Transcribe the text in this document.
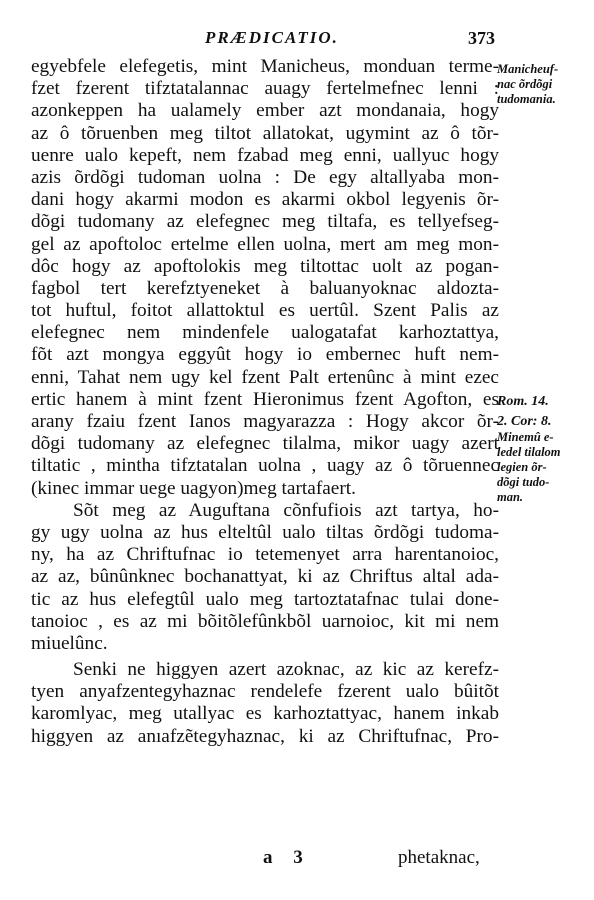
PRÆDICATIO.	373
egyebfele elefegetis, mint Manicheus, monduan terme-
fzet fzerent tifztatalannac auagy fertelmefnec lenni :
azonkeppen ha ualamely ember azt mondanaia, hogy
az ô tõruenben meg tiltot allatokat, ugymint az ô tõr-
uenre ualo kepeft, nem fzabad meg enni, uallyuc hogy
azis õrdõgi tudoman uolna : De egy altallyaba mon-
dani hogy akarmi modon es akarmi okbol legyenis õr-
dõgi tudomany az elefegnec meg tiltafa, es tellyefseg-
gel az apoftoloc ertelme ellen uolna, mert am meg mon-
dôc hogy az apoftolokis meg tiltottac uolt az pogan-
fagbol tert kerefztyeneket à baluanyoknac aldozta-
tot huftul, foitot allattoktul es uertûl. Szent Palis az
elefegnec nem mindenfele ualogatafat karhoztattya,
fõt azt mongya eggyût hogy io embernec huft nem-
enni, Tahat nem ugy kel fzent Palt ertenûnc à mint ezec
ertic hanem à mint fzent Hieronimus fzent Agofton, es
arany fzaiu fzent Ianos magyarazza : Hogy akcor õr-
dõgi tudomany az elefegnec tilalma, mikor uagy azert
tiltatic , mintha tifztatalan uolna , uagy az ô tõruennec
(kinec immar uege uagyon)meg tartafaert.
Sõt meg az Auguftana cõnfufiois azt tartya, ho-
gy ugy uolna az hus elteltûl ualo tiltas õrdõgi tudoma-
ny, ha az Chriftufnac io tetemenyet arra harentanoioc,
az az, bûnûnknec bochanattyat, ki az Chriftus altal ada-
tic az hus elefegtûl ualo meg tartoztatafnac tulai done-
tanoioc , es az mi bõitõlefûnkbõl uarnoioc, kit mi nem
miuelûnc.
Senki ne higgyen azert azoknac, az kic az kerefz-
tyen anyafzentegyhaznac rendelefe fzerent ualo bûitõt
karomlyac, meg utallyac es karhoztattyac, hanem inkab
higgyen az anıafzẽtegyhaznac, ki az Chriftufnac, Pro-
Manicheuf-
nac õrdõgi
tudomania.
Rom. 14.
2. Cor: 8.
Minemû e-
ledel tilalom
legien õr-
dõgi tudo-
man.
a 3	phetaknac,
